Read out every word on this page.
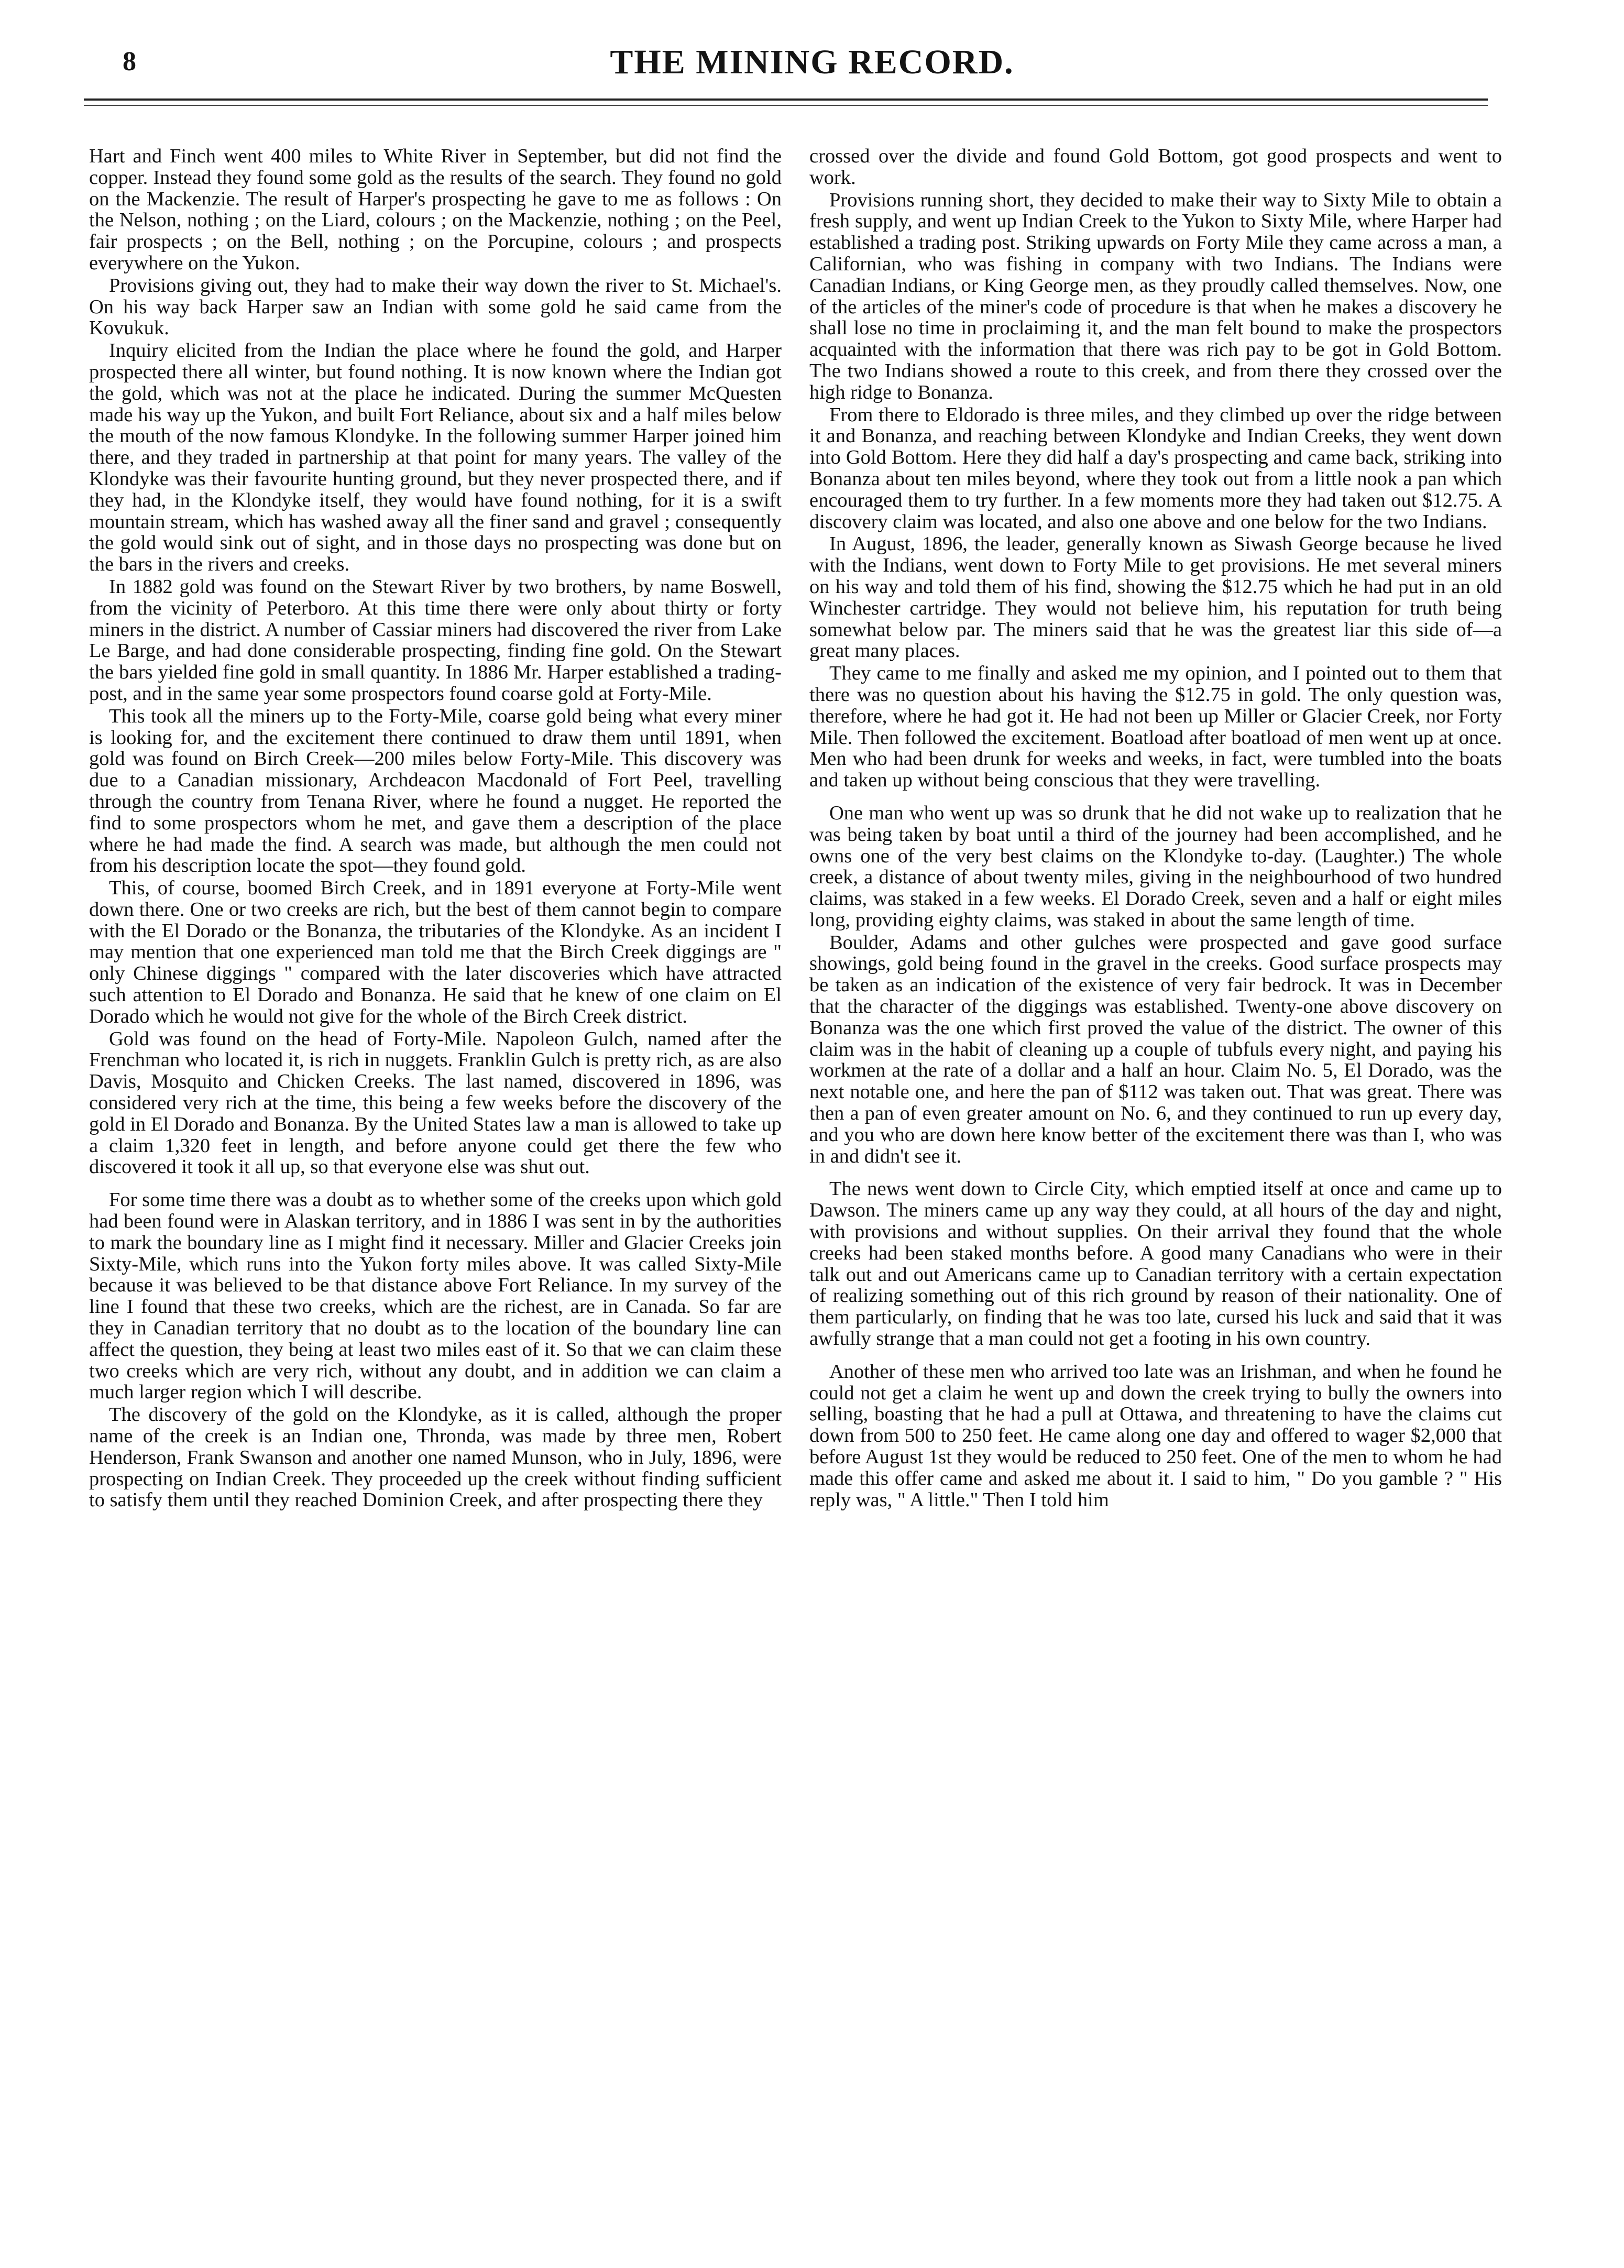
8	THE MINING RECORD.

Hart and Finch went 400 miles to White River in September, but did not find the copper. Instead they found some gold as the results of the search. They found no gold on the Mackenzie. The result of Harper's prospecting he gave to me as follows : On the Nelson, nothing ; on the Liard, colours ; on the Mackenzie, nothing ; on the Peel, fair prospects ; on the Bell, nothing ; on the Porcupine, colours ; and prospects everywhere on the Yukon.

Provisions giving out, they had to make their way down the river to St. Michael's. On his way back Harper saw an Indian with some gold he said came from the Kovukuk.

Inquiry elicited from the Indian the place where he found the gold, and Harper prospected there all winter, but found nothing. It is now known where the Indian got the gold, which was not at the place he indicated. During the summer McQuesten made his way up the Yukon, and built Fort Reliance, about six and a half miles below the mouth of the now famous Klondyke. In the following summer Harper joined him there, and they traded in partnership at that point for many years. The valley of the Klondyke was their favourite hunting ground, but they never prospected there, and if they had, in the Klondyke itself, they would have found nothing, for it is a swift mountain stream, which has washed away all the finer sand and gravel ; consequently the gold would sink out of sight, and in those days no prospecting was done but on the bars in the rivers and creeks.

In 1882 gold was found on the Stewart River by two brothers, by name Boswell, from the vicinity of Peterboro. At this time there were only about thirty or forty miners in the district. A number of Cassiar miners had discovered the river from Lake Le Barge, and had done considerable prospecting, finding fine gold. On the Stewart the bars yielded fine gold in small quantity. In 1886 Mr. Harper established a trading-post, and in the same year some prospectors found coarse gold at Forty-Mile.

This took all the miners up to the Forty-Mile, coarse gold being what every miner is looking for, and the excitement there continued to draw them until 1891, when gold was found on Birch Creek—200 miles below Forty-Mile. This discovery was due to a Canadian missionary, Archdeacon Macdonald of Fort Peel, travelling through the country from Tenana River, where he found a nugget. He reported the find to some prospectors whom he met, and gave them a description of the place where he had made the find. A search was made, but although the men could not from his description locate the spot—they found gold.

This, of course, boomed Birch Creek, and in 1891 everyone at Forty-Mile went down there. One or two creeks are rich, but the best of them cannot begin to compare with the El Dorado or the Bonanza, the tributaries of the Klondyke. As an incident I may mention that one experienced man told me that the Birch Creek diggings are " only Chinese diggings " compared with the later discoveries which have attracted such attention to El Dorado and Bonanza. He said that he knew of one claim on El Dorado which he would not give for the whole of the Birch Creek district.

Gold was found on the head of Forty-Mile. Napoleon Gulch, named after the Frenchman who located it, is rich in nuggets. Franklin Gulch is pretty rich, as are also Davis, Mosquito and Chicken Creeks. The last named, discovered in 1896, was considered very rich at the time, this being a few weeks before the discovery of the gold in El Dorado and Bonanza. By the United States law a man is allowed to take up a claim 1,320 feet in length, and before anyone could get there the few who discovered it took it all up, so that everyone else was shut out.

For some time there was a doubt as to whether some of the creeks upon which gold had been found were in Alaskan territory, and in 1886 I was sent in by the authorities to mark the boundary line as I might find it necessary. Miller and Glacier Creeks join Sixty-Mile, which runs into the Yukon forty miles above. It was called Sixty-Mile because it was believed to be that distance above Fort Reliance. In my survey of the line I found that these two creeks, which are the richest, are in Canada. So far are they in Canadian territory that no doubt as to the location of the boundary line can affect the question, they being at least two miles east of it. So that we can claim these two creeks which are very rich, without any doubt, and in addition we can claim a much larger region which I will describe.

The discovery of the gold on the Klondyke, as it is called, although the proper name of the creek is an Indian one, Thronda, was made by three men, Robert Henderson, Frank Swanson and another one named Munson, who in July, 1896, were prospecting on Indian Creek. They proceeded up the creek without finding sufficient to satisfy them until they reached Dominion Creek, and after prospecting there they

crossed over the divide and found Gold Bottom, got good prospects and went to work.

Provisions running short, they decided to make their way to Sixty Mile to obtain a fresh supply, and went up Indian Creek to the Yukon to Sixty Mile, where Harper had established a trading post. Striking upwards on Forty Mile they came across a man, a Californian, who was fishing in company with two Indians. The Indians were Canadian Indians, or King George men, as they proudly called themselves. Now, one of the articles of the miner's code of procedure is that when he makes a discovery he shall lose no time in proclaiming it, and the man felt bound to make the prospectors acquainted with the information that there was rich pay to be got in Gold Bottom. The two Indians showed a route to this creek, and from there they crossed over the high ridge to Bonanza.

From there to Eldorado is three miles, and they climbed up over the ridge between it and Bonanza, and reaching between Klondyke and Indian Creeks, they went down into Gold Bottom. Here they did half a day's prospecting and came back, striking into Bonanza about ten miles beyond, where they took out from a little nook a pan which encouraged them to try further. In a few moments more they had taken out $12.75. A discovery claim was located, and also one above and one below for the two Indians.

In August, 1896, the leader, generally known as Siwash George because he lived with the Indians, went down to Forty Mile to get provisions. He met several miners on his way and told them of his find, showing the $12.75 which he had put in an old Winchester cartridge. They would not believe him, his reputation for truth being somewhat below par. The miners said that he was the greatest liar this side of—a great many places.

They came to me finally and asked me my opinion, and I pointed out to them that there was no question about his having the $12.75 in gold. The only question was, therefore, where he had got it. He had not been up Miller or Glacier Creek, nor Forty Mile. Then followed the excitement. Boatload after boatload of men went up at once. Men who had been drunk for weeks and weeks, in fact, were tumbled into the boats and taken up without being conscious that they were travelling.

One man who went up was so drunk that he did not wake up to realization that he was being taken by boat until a third of the journey had been accomplished, and he owns one of the very best claims on the Klondyke to-day. (Laughter.) The whole creek, a distance of about twenty miles, giving in the neighbourhood of two hundred claims, was staked in a few weeks. El Dorado Creek, seven and a half or eight miles long, providing eighty claims, was staked in about the same length of time.

Boulder, Adams and other gulches were prospected and gave good surface showings, gold being found in the gravel in the creeks. Good surface prospects may be taken as an indication of the existence of very fair bedrock. It was in December that the character of the diggings was established. Twenty-one above discovery on Bonanza was the one which first proved the value of the district. The owner of this claim was in the habit of cleaning up a couple of tubfuls every night, and paying his workmen at the rate of a dollar and a half an hour. Claim No. 5, El Dorado, was the next notable one, and here the pan of $112 was taken out. That was great. There was then a pan of even greater amount on No. 6, and they continued to run up every day, and you who are down here know better of the excitement there was than I, who was in and didn't see it.

The news went down to Circle City, which emptied itself at once and came up to Dawson. The miners came up any way they could, at all hours of the day and night, with provisions and without supplies. On their arrival they found that the whole creeks had been staked months before. A good many Canadians who were in their talk out and out Americans came up to Canadian territory with a certain expectation of realizing something out of this rich ground by reason of their nationality. One of them particularly, on finding that he was too late, cursed his luck and said that it was awfully strange that a man could not get a footing in his own country.

Another of these men who arrived too late was an Irishman, and when he found he could not get a claim he went up and down the creek trying to bully the owners into selling, boasting that he had a pull at Ottawa, and threatening to have the claims cut down from 500 to 250 feet. He came along one day and offered to wager $2,000 that before August 1st they would be reduced to 250 feet. One of the men to whom he had made this offer came and asked me about it. I said to him, " Do you gamble ? " His reply was, " A little." Then I told him
